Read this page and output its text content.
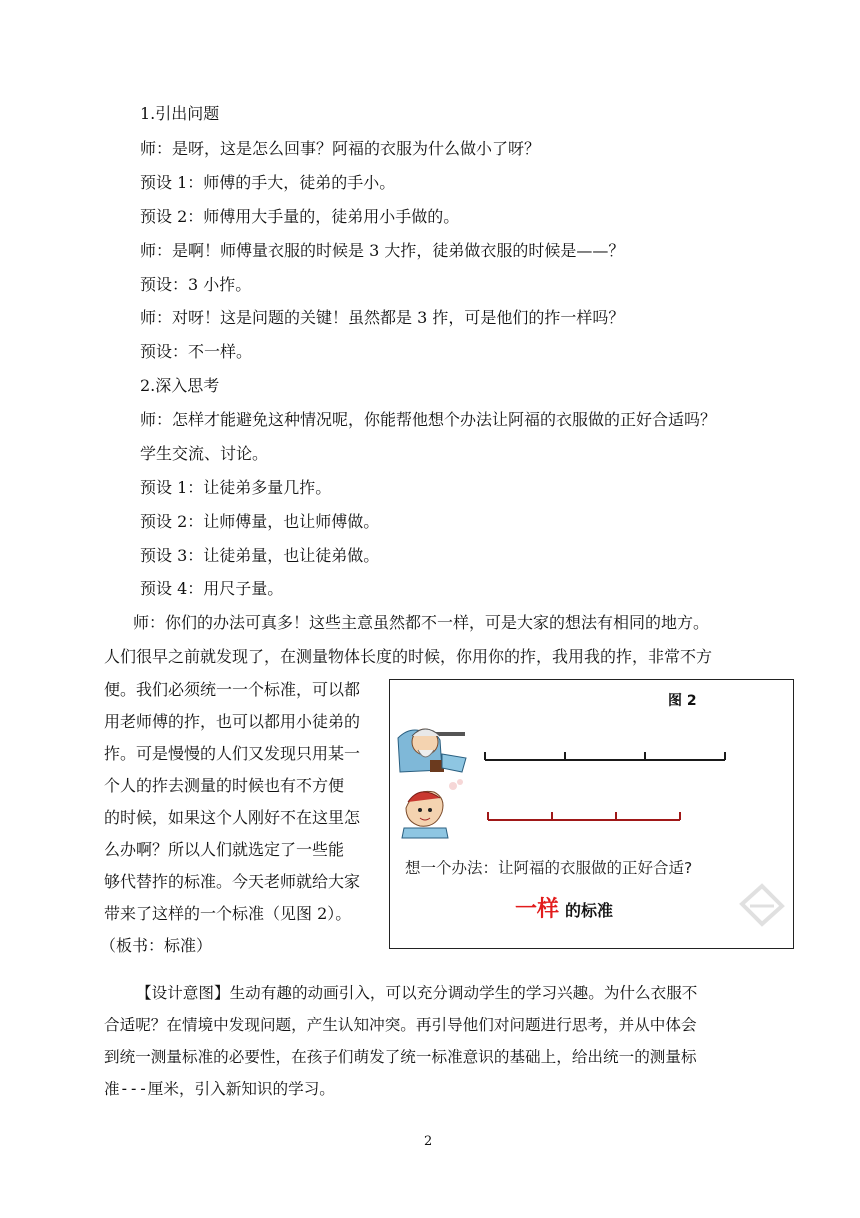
1.引出问题
师：是呀，这是怎么回事？阿福的衣服为什么做小了呀？
预设 1：师傅的手大，徒弟的手小。
预设 2：师傅用大手量的，徒弟用小手做的。
师：是啊！师傅量衣服的时候是 3 大拃，徒弟做衣服的时候是——？
预设：3 小拃。
师：对呀！这是问题的关键！虽然都是 3 拃，可是他们的拃一样吗？
预设：不一样。
2.深入思考
师：怎样才能避免这种情况呢，你能帮他想个办法让阿福的衣服做的正好合适吗？
学生交流、讨论。
预设 1：让徒弟多量几拃。
预设 2：让师傅量，也让师傅做。
预设 3：让徒弟量，也让徒弟做。
预设 4：用尺子量。
师：你们的办法可真多！这些主意虽然都不一样，可是大家的想法有相同的地方。
人们很早之前就发现了，在测量物体长度的时候，你用你的拃，我用我的拃，非常不方
便。我们必须统一一个标准，可以都
用老师傅的拃，也可以都用小徒弟的
拃。可是慢慢的人们又发现只用某一
个人的拃去测量的时候也有不方便
的时候，如果这个人刚好不在这里怎
么办啊？所以人们就选定了一些能
够代替拃的标准。今天老师就给大家
带来了这样的一个标准（见图 2）。
（板书：标准）
图 2
想一个办法：让阿福的衣服做的正好合适?
一样 的标准
【设计意图】生动有趣的动画引入，可以充分调动学生的学习兴趣。为什么衣服不
合适呢？在情境中发现问题，产生认知冲突。再引导他们对问题进行思考，并从中体会
到统一测量标准的必要性，在孩子们萌发了统一标准意识的基础上，给出统一的测量标
准---厘米，引入新知识的学习。
2
